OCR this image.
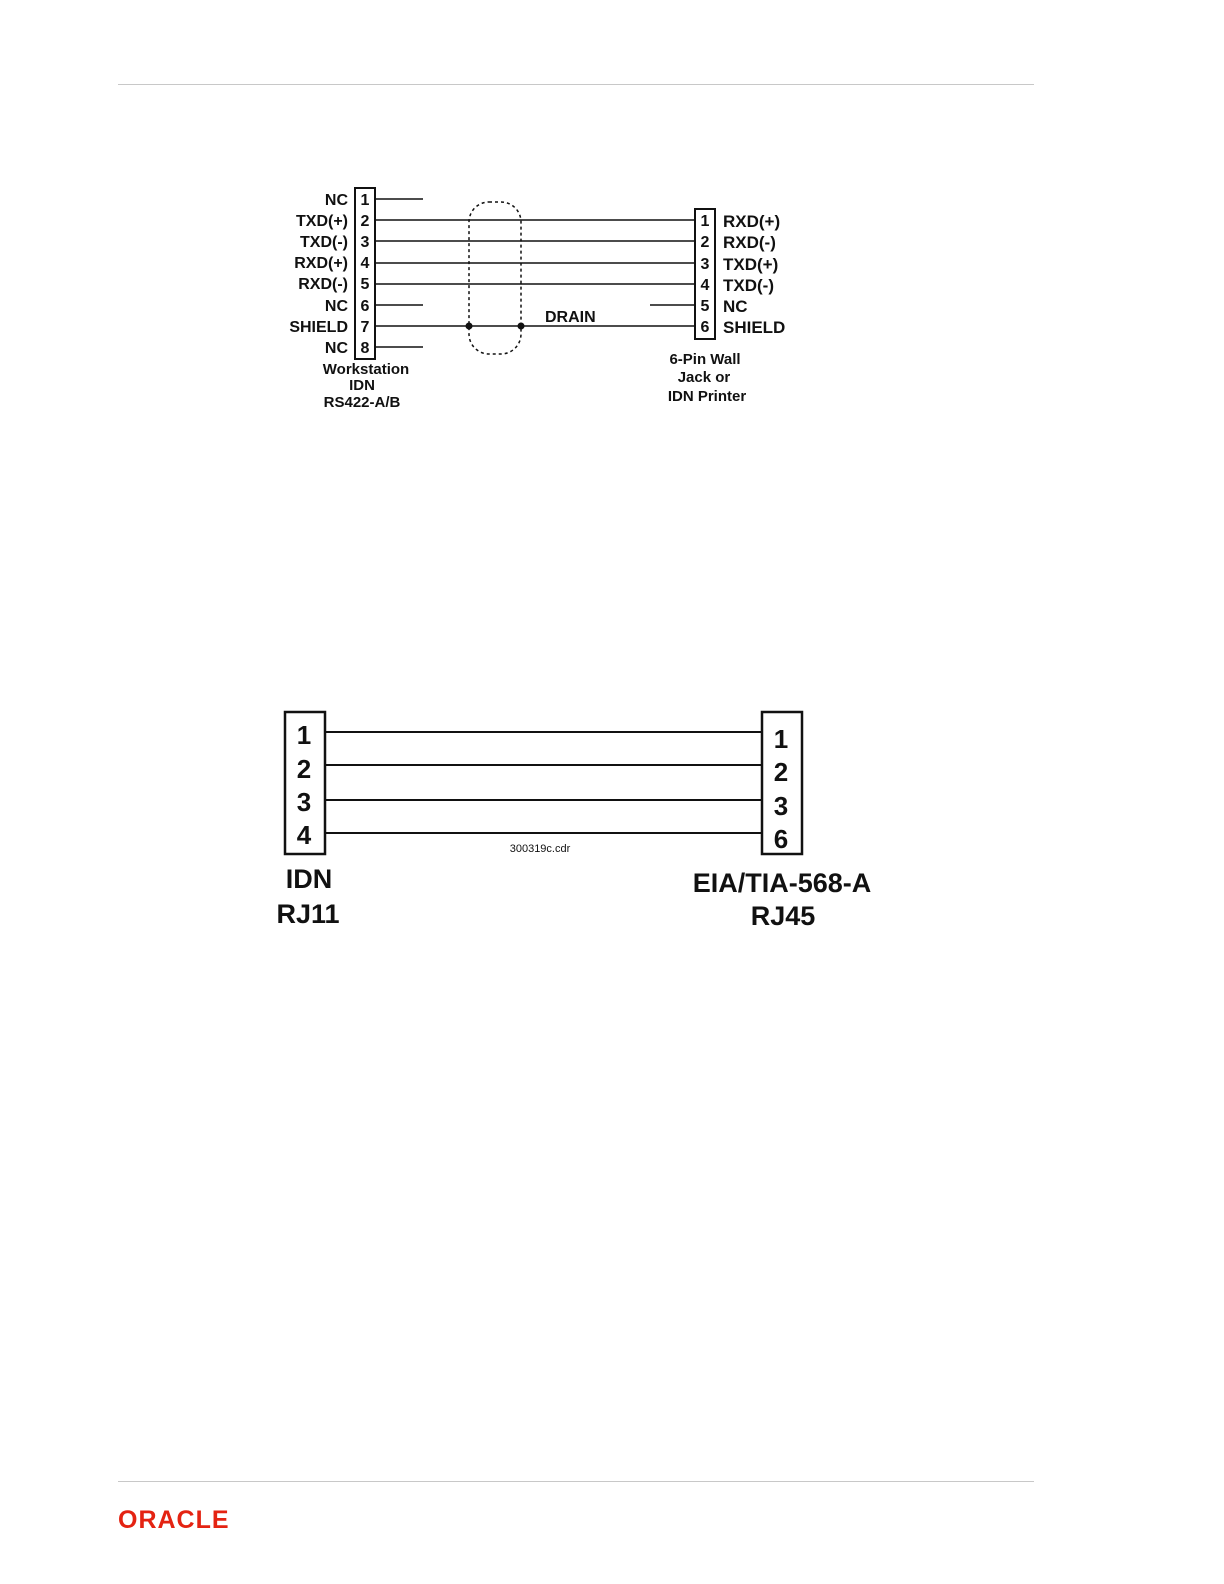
NC
TXD(+)
TXD(-)
RXD(+)
RXD(-)
NC
SHIELD
NC
1
2
3
4
5
6
7
8
DRAIN
1
2
3
4
5
6
RXD(+)
RXD(-)
TXD(+)
TXD(-)
NC
SHIELD
Workstation
IDN
RS422-A/B
6-Pin Wall
Jack or
IDN Printer
1
2
3
4
1
2
3
6
300319c.cdr
IDN
RJ11
EIA/TIA-568-A
RJ45
ORACLE
